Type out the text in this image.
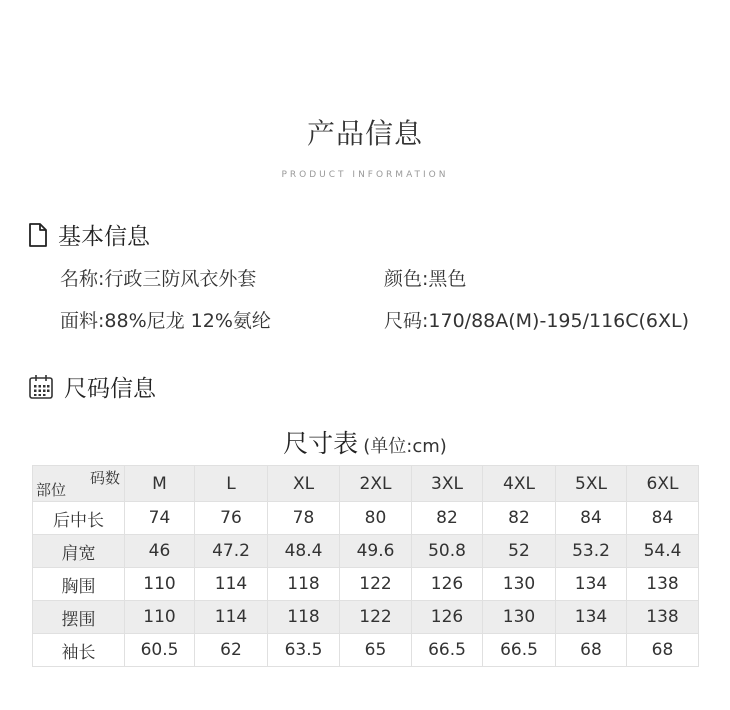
产品信息
PRODUCT INFORMATION
基本信息
名称:行政三防风衣外套	颜色:黑色
面料:88%尼龙 12%氨纶	尺码:170/88A(M)-195/116C(6XL)
尺码信息
尺寸表 (单位:cm)
码数
部位	M	L	XL	2XL	3XL	4XL	5XL	6XL
后中长	74	76	78	80	82	82	84	84
肩宽	46	47.2	48.4	49.6	50.8	52	53.2	54.4
胸围	110	114	118	122	126	130	134	138
摆围	110	114	118	122	126	130	134	138
袖长	60.5	62	63.5	65	66.5	66.5	68	68
